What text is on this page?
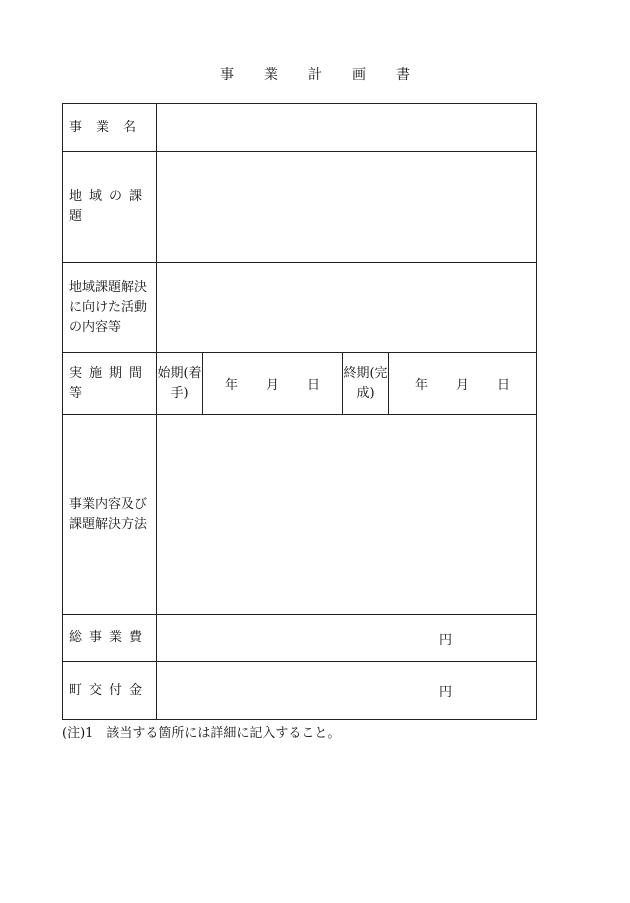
事業計画書
事業名				
地域の課題				
地域課題解決に向けた活動の内容等				
実施期間等	始期(着手)	年 月 日	終期(完成)	年 月 日
事業内容及び課題解決方法				
総事業費	円			
町交付金	円			
(注)1　該当する箇所には詳細に記入すること。
